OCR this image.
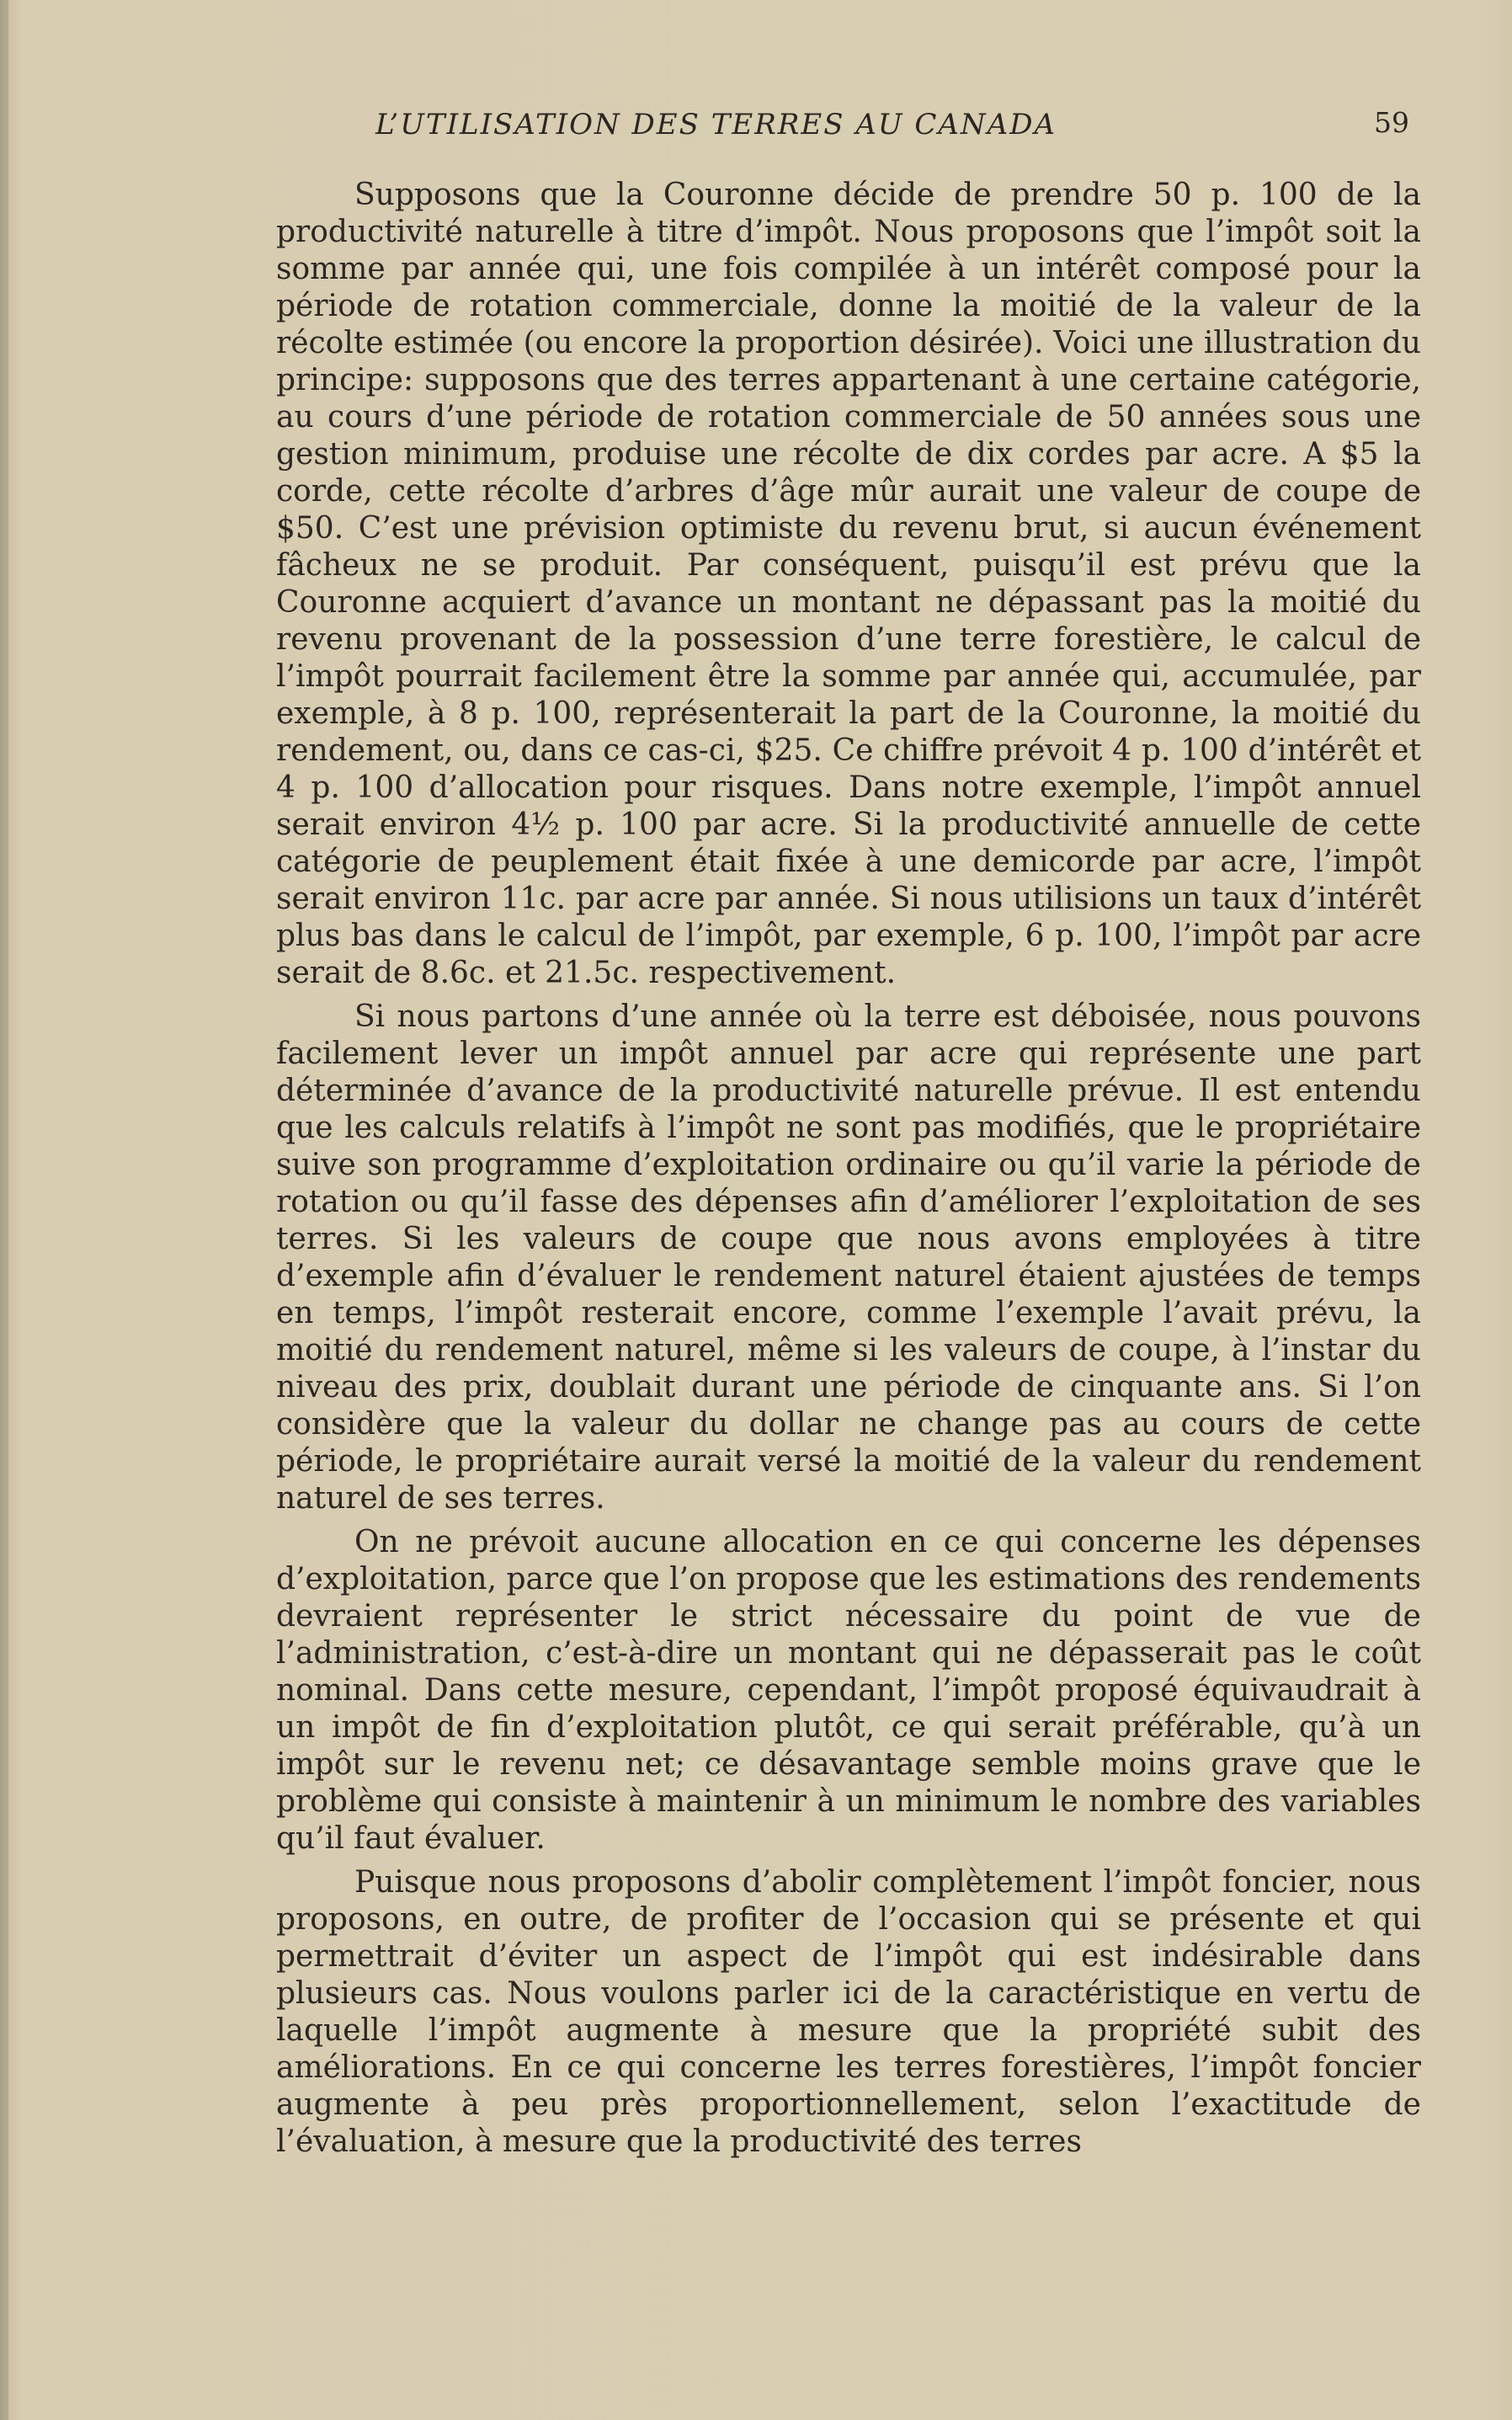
L’UTILISATION DES TERRES AU CANADA	59

Supposons que la Couronne décide de prendre 50 p. 100 de la productivité naturelle à titre d’impôt. Nous proposons que l’impôt soit la somme par année qui, une fois compilée à un intérêt composé pour la période de rotation commerciale, donne la moitié de la valeur de la récolte estimée (ou encore la proportion désirée). Voici une illustration du principe: supposons que des terres appartenant à une certaine catégorie, au cours d’une période de rotation commerciale de 50 années sous une gestion minimum, produise une récolte de dix cordes par acre. A $5 la corde, cette récolte d’arbres d’âge mûr aurait une valeur de coupe de $50. C’est une prévision optimiste du revenu brut, si aucun événement fâcheux ne se produit. Par conséquent, puisqu’il est prévu que la Couronne acquiert d’avance un montant ne dépassant pas la moitié du revenu provenant de la possession d’une terre forestière, le calcul de l’impôt pourrait facilement être la somme par année qui, accumulée, par exemple, à 8 p. 100, représenterait la part de la Couronne, la moitié du rendement, ou, dans ce cas-ci, $25. Ce chiffre prévoit 4 p. 100 d’intérêt et 4 p. 100 d’allocation pour risques. Dans notre exemple, l’impôt annuel serait environ 4½ p. 100 par acre. Si la productivité annuelle de cette catégorie de peuplement était fixée à une demicorde par acre, l’impôt serait environ 11c. par acre par année. Si nous utilisions un taux d’intérêt plus bas dans le calcul de l’impôt, par exemple, 6 p. 100, l’impôt par acre serait de 8.6c. et 21.5c. respectivement.

Si nous partons d’une année où la terre est déboisée, nous pouvons facilement lever un impôt annuel par acre qui représente une part déterminée d’avance de la productivité naturelle prévue. Il est entendu que les calculs relatifs à l’impôt ne sont pas modifiés, que le propriétaire suive son programme d’exploitation ordinaire ou qu’il varie la période de rotation ou qu’il fasse des dépenses afin d’améliorer l’exploitation de ses terres. Si les valeurs de coupe que nous avons employées à titre d’exemple afin d’évaluer le rendement naturel étaient ajustées de temps en temps, l’impôt resterait encore, comme l’exemple l’avait prévu, la moitié du rendement naturel, même si les valeurs de coupe, à l’instar du niveau des prix, doublait durant une période de cinquante ans. Si l’on considère que la valeur du dollar ne change pas au cours de cette période, le propriétaire aurait versé la moitié de la valeur du rendement naturel de ses terres.

On ne prévoit aucune allocation en ce qui concerne les dépenses d’exploitation, parce que l’on propose que les estimations des rendements devraient représenter le strict nécessaire du point de vue de l’administration, c’est-à-dire un montant qui ne dépasserait pas le coût nominal. Dans cette mesure, cependant, l’impôt proposé équivaudrait à un impôt de fin d’exploitation plutôt, ce qui serait préférable, qu’à un impôt sur le revenu net; ce désavantage semble moins grave que le problème qui consiste à maintenir à un minimum le nombre des variables qu’il faut évaluer.

Puisque nous proposons d’abolir complètement l’impôt foncier, nous proposons, en outre, de profiter de l’occasion qui se présente et qui permettrait d’éviter un aspect de l’impôt qui est indésirable dans plusieurs cas. Nous voulons parler ici de la caractéristique en vertu de laquelle l’impôt augmente à mesure que la propriété subit des améliorations. En ce qui concerne les terres forestières, l’impôt foncier augmente à peu près proportionnellement, selon l’exactitude de l’évaluation, à mesure que la productivité des terres
